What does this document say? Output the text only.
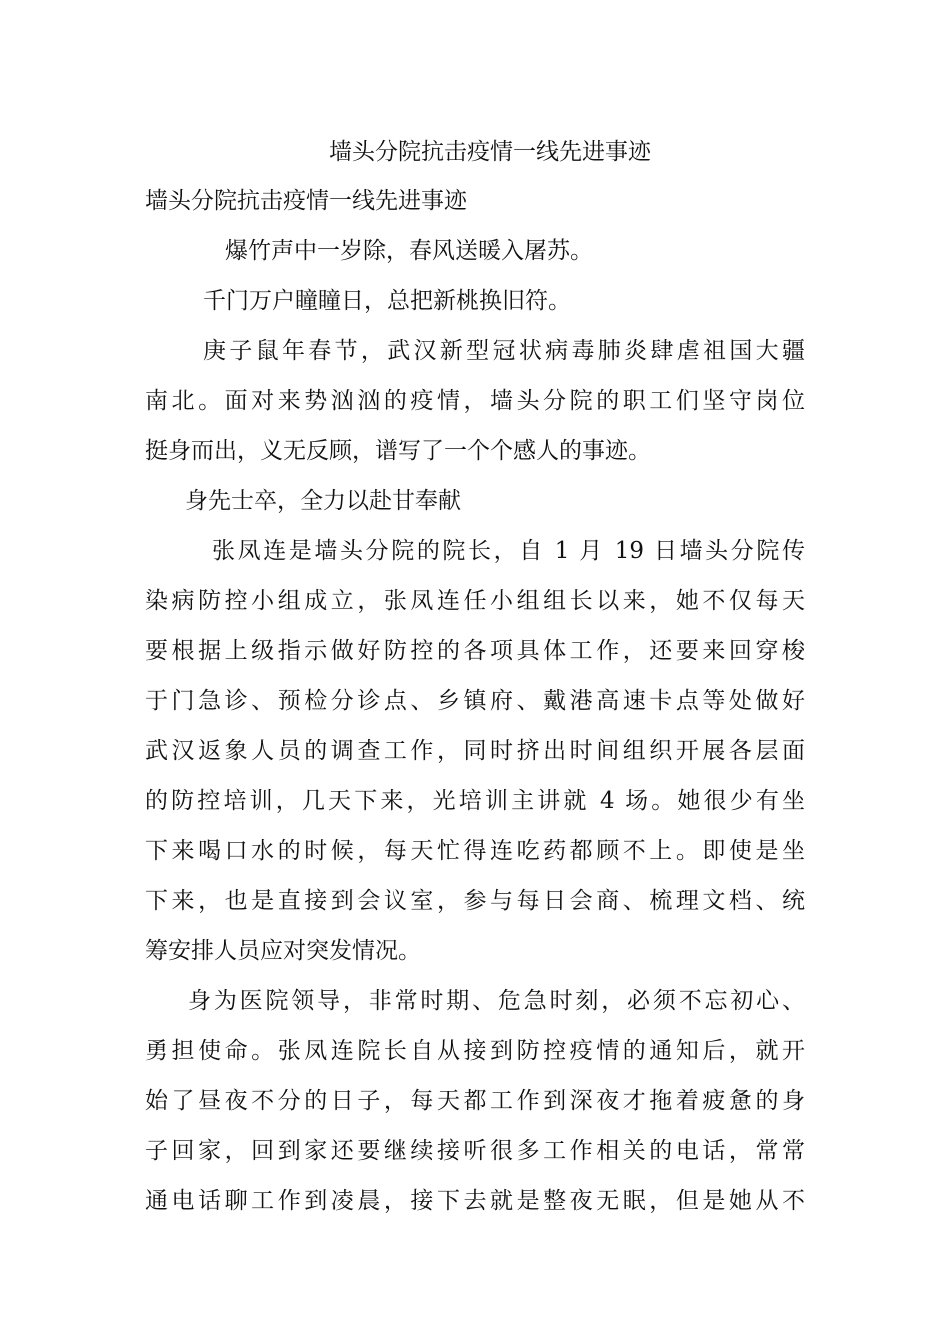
墙头分院抗击疫情一线先进事迹
墙头分院抗击疫情一线先进事迹
爆竹声中一岁除，春风送暖入屠苏。
千门万户瞳瞳日，总把新桃换旧符。
庚子鼠年春节，武汉新型冠状病毒肺炎肆虐祖国大疆
南北。面对来势汹汹的疫情，墙头分院的职工们坚守岗位
挺身而出，义无反顾，谱写了一个个感人的事迹。
身先士卒，全力以赴甘奉献
张凤连是墙头分院的院长，自 1 月 19 日墙头分院传
染病防控小组成立，张凤连任小组组长以来，她不仅每天
要根据上级指示做好防控的各项具体工作，还要来回穿梭
于门急诊、预检分诊点、乡镇府、戴港高速卡点等处做好
武汉返象人员的调查工作，同时挤出时间组织开展各层面
的防控培训，几天下来，光培训主讲就 4 场。她很少有坐
下来喝口水的时候，每天忙得连吃药都顾不上。即使是坐
下来，也是直接到会议室，参与每日会商、梳理文档、统
筹安排人员应对突发情况。
身为医院领导，非常时期、危急时刻，必须不忘初心、
勇担使命。张凤连院长自从接到防控疫情的通知后，就开
始了昼夜不分的日子，每天都工作到深夜才拖着疲惫的身
子回家，回到家还要继续接听很多工作相关的电话，常常
通电话聊工作到凌晨，接下去就是整夜无眠，但是她从不
